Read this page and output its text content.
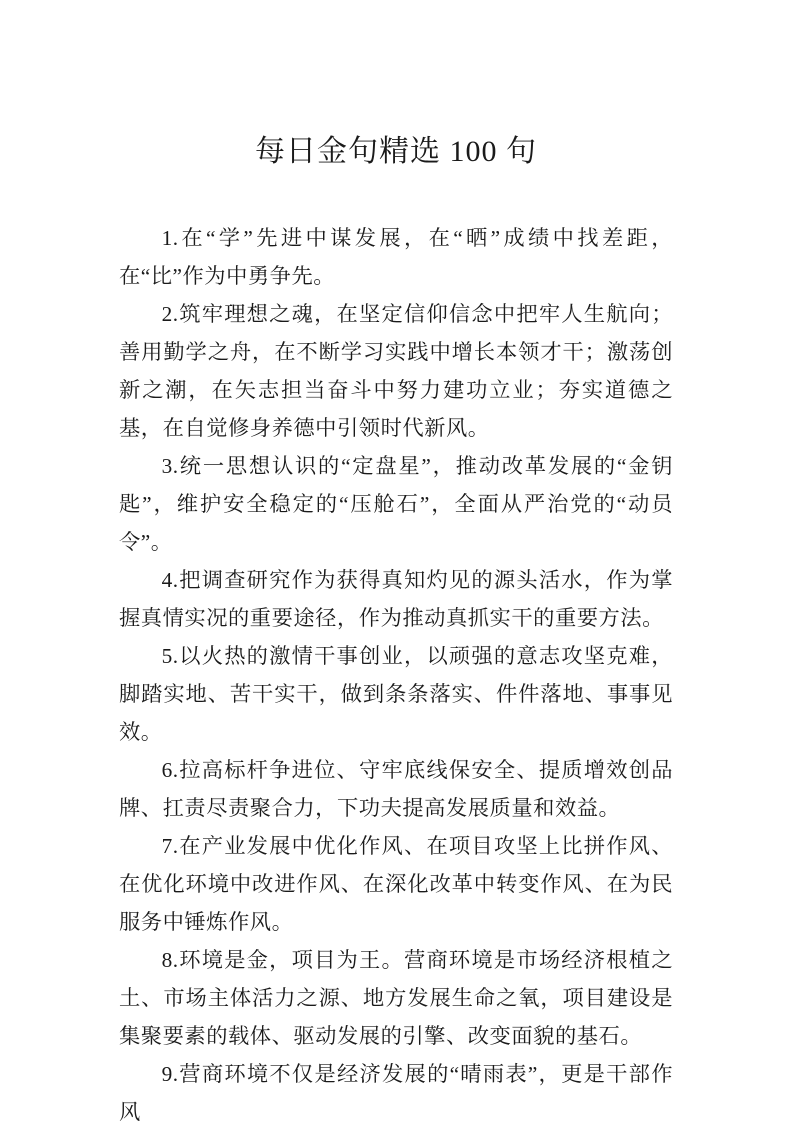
每日金句精选 100 句

1.在“学”先进中谋发展，在“晒”成绩中找差距，在“比”作为中勇争先。

2.筑牢理想之魂，在坚定信仰信念中把牢人生航向；善用勤学之舟，在不断学习实践中增长本领才干；激荡创新之潮，在矢志担当奋斗中努力建功立业；夯实道德之基，在自觉修身养德中引领时代新风。

3.统一思想认识的“定盘星”，推动改革发展的“金钥匙”，维护安全稳定的“压舱石”，全面从严治党的“动员令”。

4.把调查研究作为获得真知灼见的源头活水，作为掌握真情实况的重要途径，作为推动真抓实干的重要方法。

5.以火热的激情干事创业，以顽强的意志攻坚克难，脚踏实地、苦干实干，做到条条落实、件件落地、事事见效。

6.拉高标杆争进位、守牢底线保安全、提质增效创品牌、扛责尽责聚合力，下功夫提高发展质量和效益。

7.在产业发展中优化作风、在项目攻坚上比拼作风、在优化环境中改进作风、在深化改革中转变作风、在为民服务中锤炼作风。

8.环境是金，项目为王。营商环境是市场经济根植之土、市场主体活力之源、地方发展生命之氧，项目建设是集聚要素的载体、驱动发展的引擎、改变面貌的基石。

9.营商环境不仅是经济发展的“晴雨表”，更是干部作风
